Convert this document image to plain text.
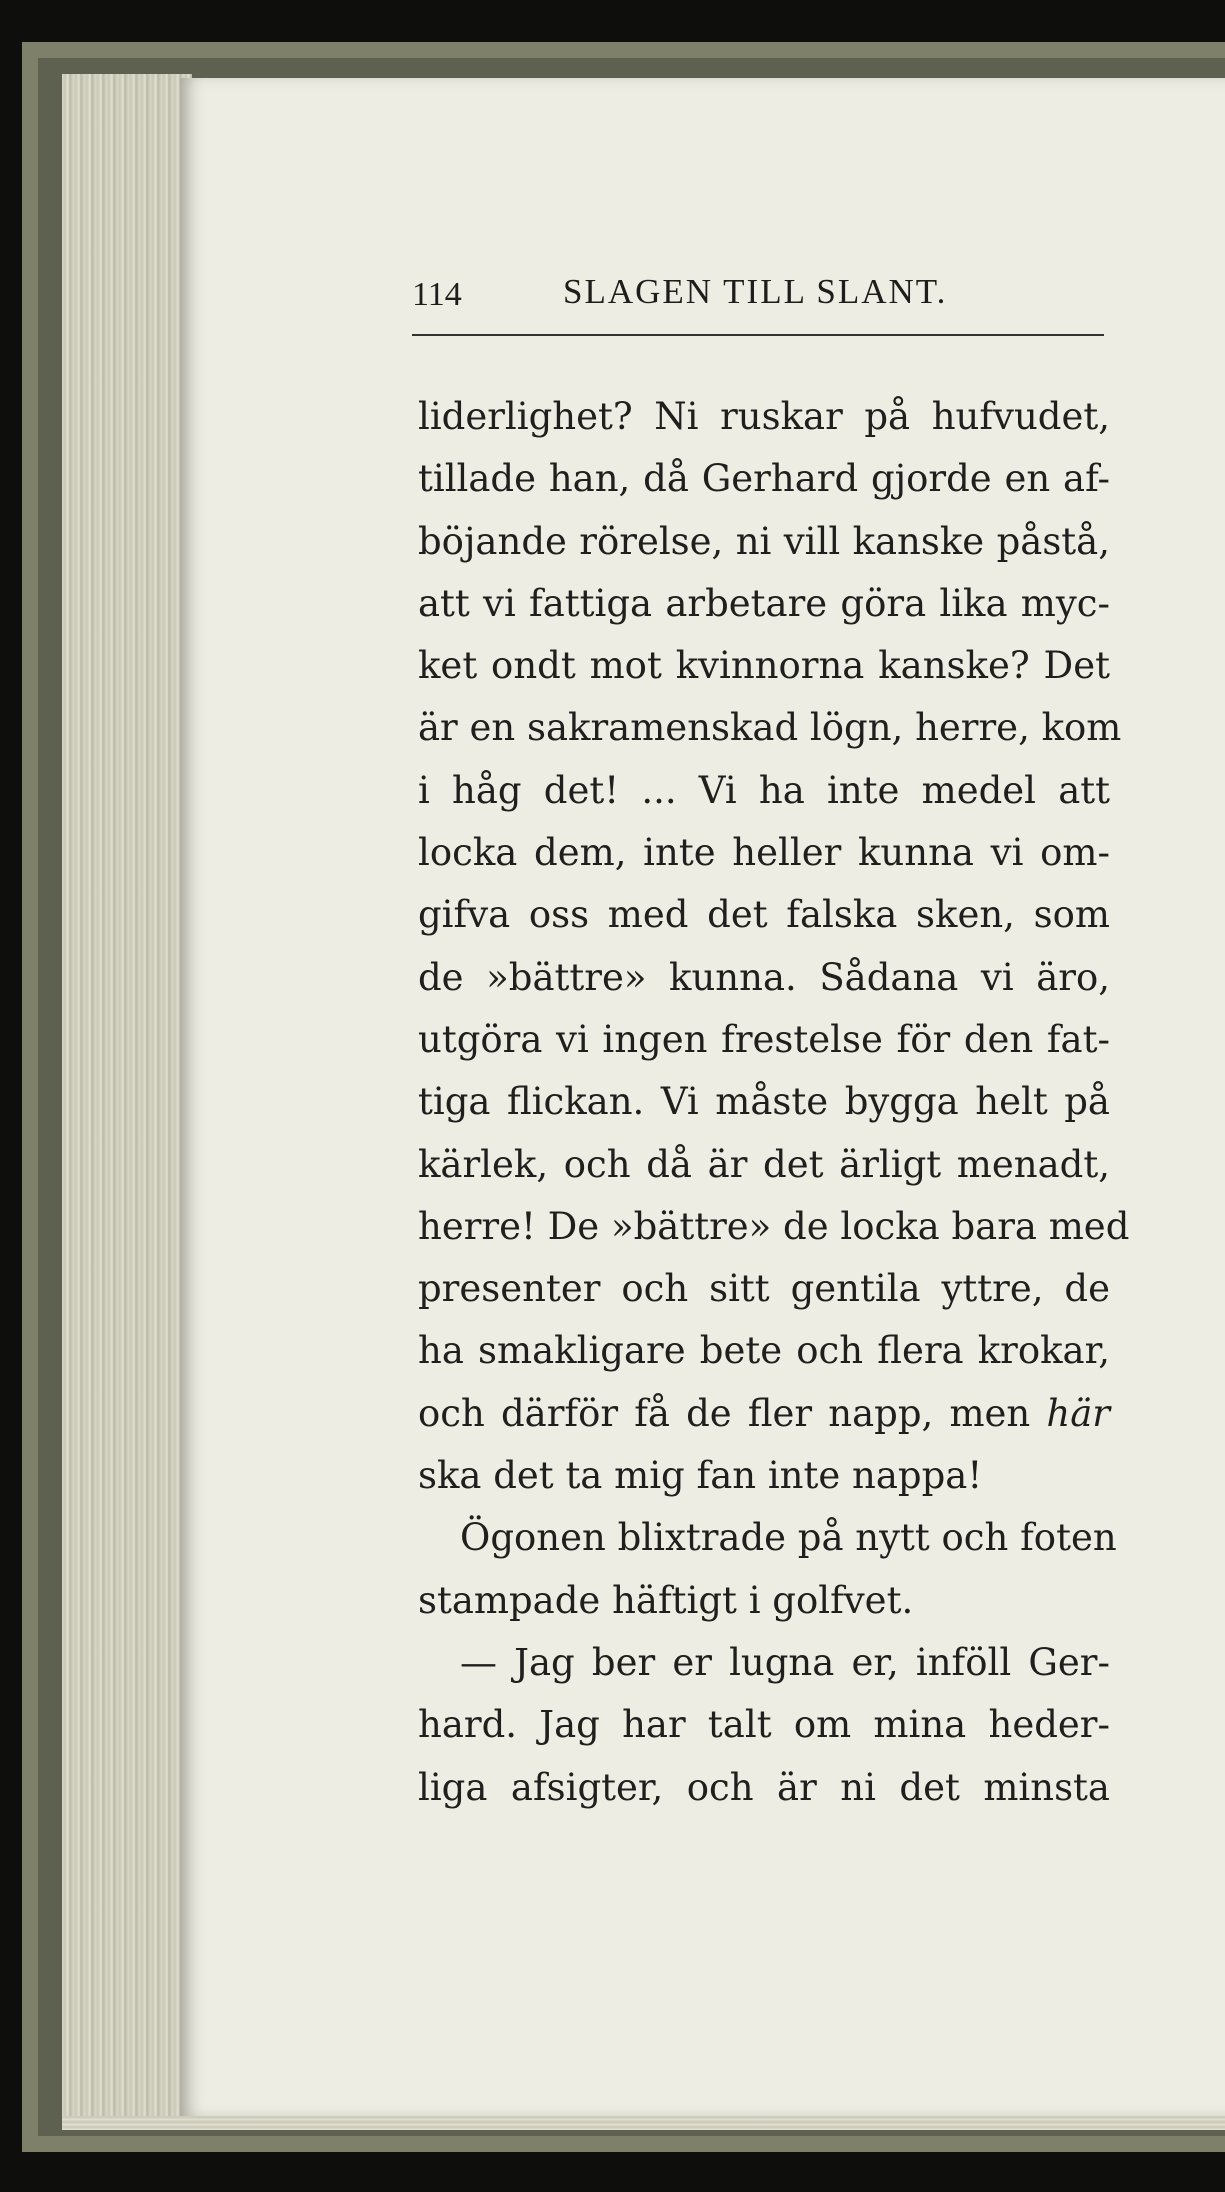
114	SLAGEN TILL SLANT.
liderlighet? Ni ruskar på hufvudet,
tillade han, då Gerhard gjorde en af-
böjande rörelse, ni vill kanske påstå,
att vi fattiga arbetare göra lika myc-
ket ondt mot kvinnorna kanske? Det
är en sakramenskad lögn, herre, kom
i håg det! ... Vi ha inte medel att
locka dem, inte heller kunna vi om-
gifva oss med det falska sken, som
de »bättre» kunna. Sådana vi äro,
utgöra vi ingen frestelse för den fat-
tiga flickan. Vi måste bygga helt på
kärlek, och då är det ärligt menadt,
herre! De »bättre» de locka bara med
presenter och sitt gentila yttre, de
ha smakligare bete och flera krokar,
och därför få de fler napp, men här
ska det ta mig fan inte nappa!
Ögonen blixtrade på nytt och foten
stampade häftigt i golfvet.
— Jag ber er lugna er, inföll Ger-
hard. Jag har talt om mina heder-
liga afsigter, och är ni det minsta
